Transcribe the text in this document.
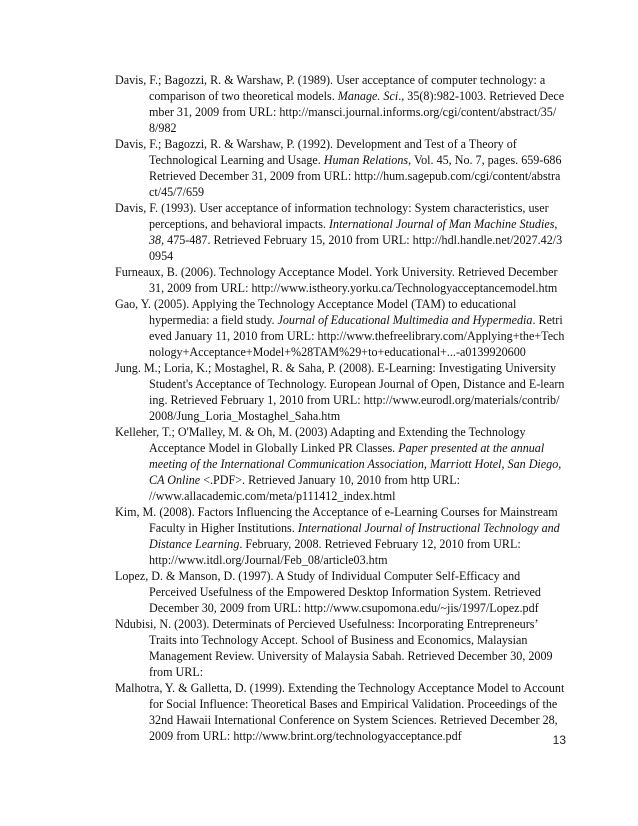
Davis, F.; Bagozzi, R. & Warshaw, P. (1989). User acceptance of computer technology: a comparison of two theoretical models. Manage. Sci., 35(8):982-1003. Retrieved December 31, 2009 from URL: http://mansci.journal.informs.org/cgi/content/abstract/35/8/982

Davis, F.; Bagozzi, R. & Warshaw, P. (1992). Development and Test of a Theory of Technological Learning and Usage. Human Relations, Vol. 45, No. 7, pages. 659-686 Retrieved December 31, 2009 from URL: http://hum.sagepub.com/cgi/content/abstract/45/7/659

Davis, F. (1993). User acceptance of information technology: System characteristics, user perceptions, and behavioral impacts. International Journal of Man Machine Studies, 38, 475-487. Retrieved February 15, 2010 from URL: http://hdl.handle.net/2027.42/30954

Furneaux, B. (2006). Technology Acceptance Model. York University. Retrieved December 31, 2009 from URL: http://www.istheory.yorku.ca/Technologyacceptancemodel.htm

Gao, Y. (2005). Applying the Technology Acceptance Model (TAM) to educational hypermedia: a field study. Journal of Educational Multimedia and Hypermedia. Retrieved January 11, 2010 from URL: http://www.thefreelibrary.com/Applying+the+Technology+Acceptance+Model+%28TAM%29+to+educational+...-a0139920600

Jung. M.; Loria, K.; Mostaghel, R. & Saha, P. (2008). E-Learning: Investigating University Student's Acceptance of Technology. European Journal of Open, Distance and E-learning. Retrieved February 1, 2010 from URL: http://www.eurodl.org/materials/contrib/2008/Jung_Loria_Mostaghel_Saha.htm

Kelleher, T.; O'Malley, M. & Oh, M. (2003) Adapting and Extending the Technology Acceptance Model in Globally Linked PR Classes. Paper presented at the annual meeting of the International Communication Association, Marriott Hotel, San Diego, CA Online <.PDF>. Retrieved January 10, 2010 from http URL: //www.allacademic.com/meta/p111412_index.html

Kim, M. (2008). Factors Influencing the Acceptance of e-Learning Courses for Mainstream Faculty in Higher Institutions. International Journal of Instructional Technology and Distance Learning. February, 2008. Retrieved February 12, 2010 from URL: http://www.itdl.org/Journal/Feb_08/article03.htm

Lopez, D. & Manson, D. (1997). A Study of Individual Computer Self-Efficacy and Perceived Usefulness of the Empowered Desktop Information System. Retrieved December 30, 2009 from URL: http://www.csupomona.edu/~jis/1997/Lopez.pdf

Ndubisi, N. (2003). Determinats of Percieved Usefulness: Incorporating Entrepreneurs’ Traits into Technology Accept. School of Business and Economics, Malaysian Management Review. University of Malaysia Sabah. Retrieved December 30, 2009 from URL:

Malhotra, Y. & Galletta, D. (1999). Extending the Technology Acceptance Model to Account for Social Influence: Theoretical Bases and Empirical Validation. Proceedings of the 32nd Hawaii International Conference on System Sciences. Retrieved December 28, 2009 from URL: http://www.brint.org/technologyacceptance.pdf	13
